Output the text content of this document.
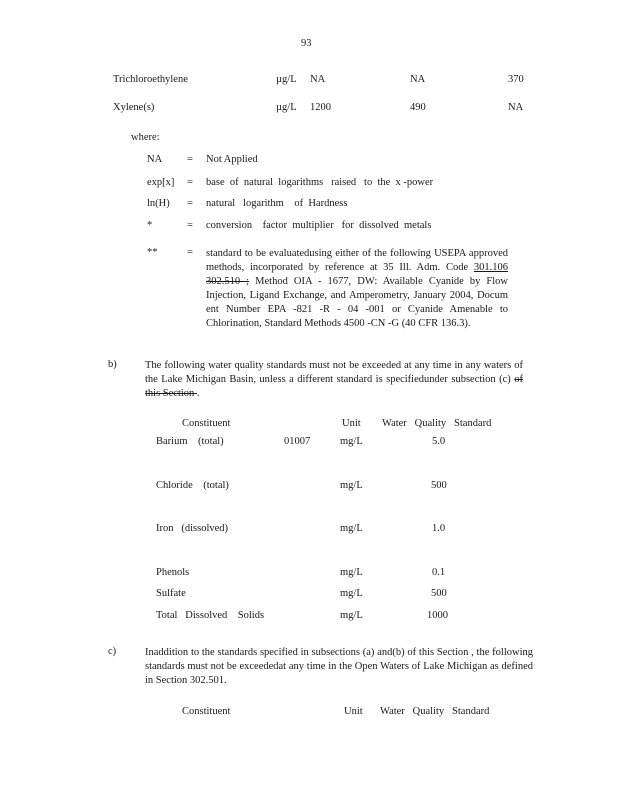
93
Trichloroethylene	µg/L NA	NA	370
Xylene(s)	µg/L 1200	490	NA
where:
NA = Not Applied
exp[x] = base  of  natural  logarithms   raised   to  the  x -power
ln(H) = natural   logarithm    of  Hardness
*	= conversion    factor  multiplier   for  dissolved  metals
**	= standard to be evaluatedusing either of the following USEPA approved methods, incorporated by reference at 35 Ill. Adm. Code 301.106 302.510 ; Method OIA - 1677, DW: Available Cyanide by Flow Injection, Ligand Exchange, and Amperometry, January 2004, Docum ent Number EPA -821 -R - 04 -001 or Cyanide Amenable to Chlorination, Standard Methods 4500 -CN -G (40 CFR 136.3).
b)	The following water quality standards must not be exceeded at any time in any waters of the Lake Michigan Basin, unless a different standard is specifiedunder subsection (c) of this Section .
Constituent	Unit Water   Quality   Standard
Barium    (total)	01007	mg/L	5.0
Chloride    (total)	mg/L	500
Iron   (dissolved)	mg/L	1.0
Phenols	mg/L	0.1
Sulfate	mg/L	500
Total   Dissolved    Solids	mg/L	1000
c)	Inaddition to the standards specified in subsections (a) and(b) of this Section , the following standards must not be exceededat any time in the Open Waters of Lake Michigan as defined in Section 302.501.
Constituent	Unit Water   Quality   Standard
